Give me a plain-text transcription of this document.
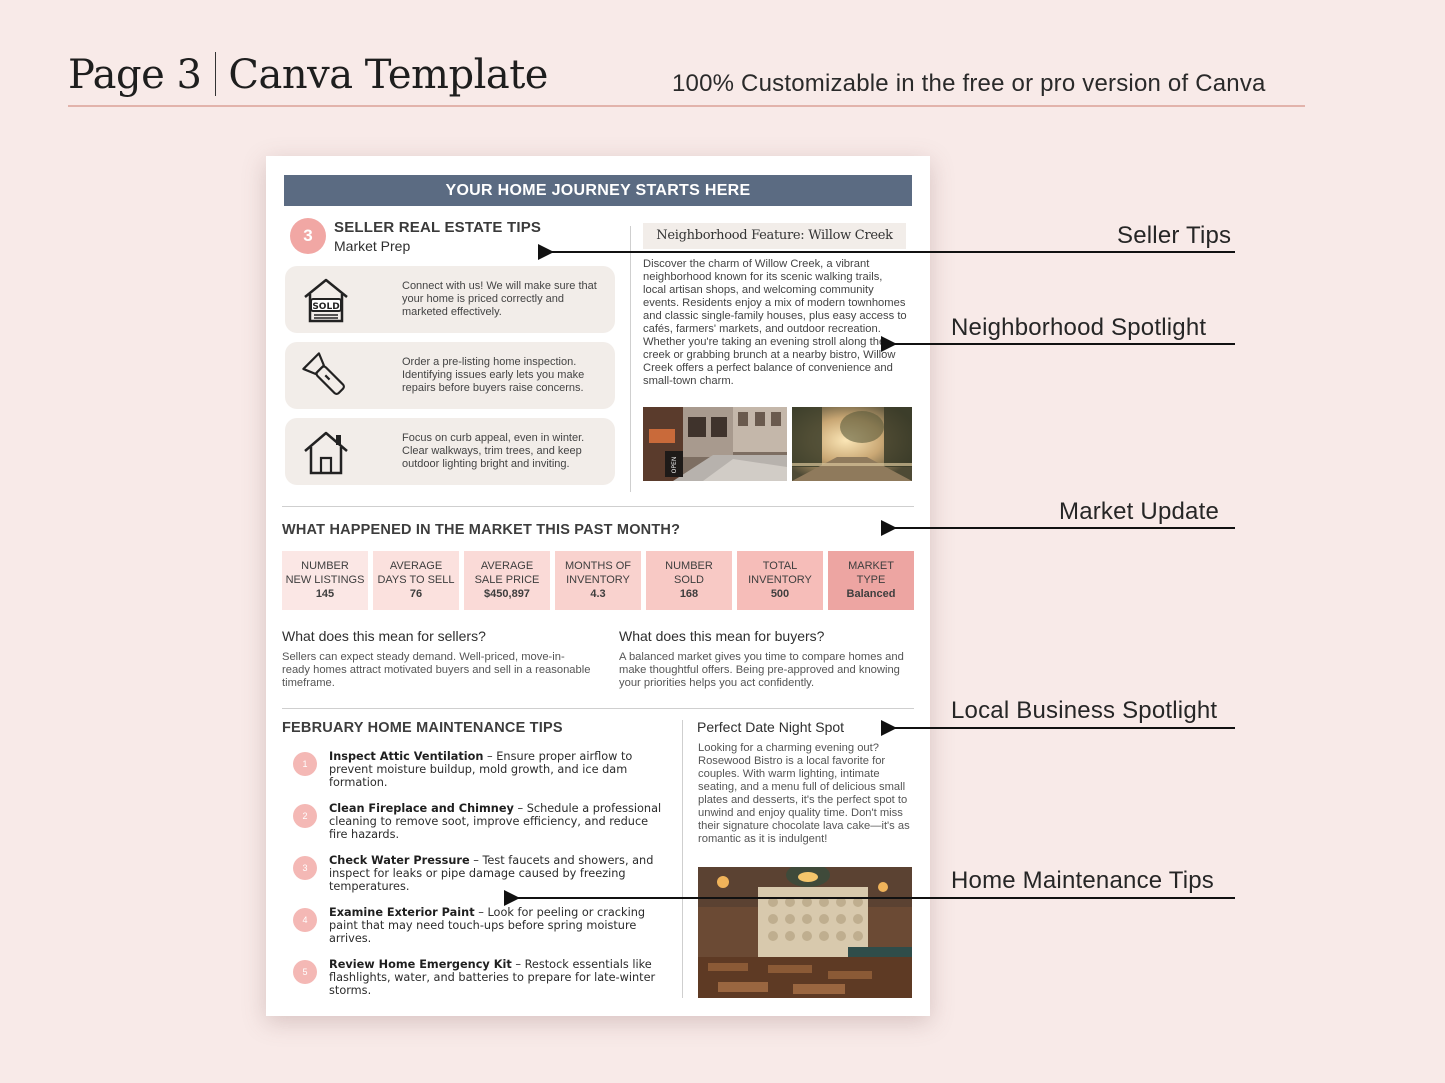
Page 3 Canva Template	100% Customizable in the free or pro version of Canva
YOUR HOME JOURNEY STARTS HERE
3	SELLER REAL ESTATE TIPS
Market Prep
SOLD
Connect with us! We will make sure that your home is priced correctly and marketed effectively.
Order a pre-listing home inspection. Identifying issues early lets you make repairs before buyers raise concerns.
Focus on curb appeal, even in winter. Clear walkways, trim trees, and keep outdoor lighting bright and inviting.
Neighborhood Feature: Willow Creek
Discover the charm of Willow Creek, a vibrant neighborhood known for its scenic walking trails, local artisan shops, and welcoming community events. Residents enjoy a mix of modern townhomes and classic single-family houses, plus easy access to cafés, farmers' markets, and outdoor recreation. Whether you're taking an evening stroll along the creek or grabbing brunch at a nearby bistro, Willow Creek offers a perfect balance of convenience and small-town charm.
OPEN
WHAT HAPPENED IN THE MARKET THIS PAST MONTH?
NUMBER
NEW LISTINGS
145
AVERAGE
DAYS TO SELL
76
AVERAGE
SALE PRICE
$450,897
MONTHS OF
INVENTORY
4.3
NUMBER
SOLD
168
TOTAL
INVENTORY
500
MARKET
TYPE
Balanced
What does this mean for sellers?
Sellers can expect steady demand. Well-priced, move-in-ready homes attract motivated buyers and sell in a reasonable timeframe.
What does this mean for buyers?
A balanced market gives you time to compare homes and make thoughtful offers. Being pre-approved and knowing your priorities helps you act confidently.
FEBRUARY HOME MAINTENANCE TIPS
1
Inspect Attic Ventilation – Ensure proper airflow to prevent moisture buildup, mold growth, and ice dam formation.
2
Clean Fireplace and Chimney – Schedule a professional cleaning to remove soot, improve efficiency, and reduce fire hazards.
3
Check Water Pressure – Test faucets and showers, and inspect for leaks or pipe damage caused by freezing temperatures.
4
Examine Exterior Paint – Look for peeling or cracking paint that may need touch-ups before spring moisture arrives.
5
Review Home Emergency Kit – Restock essentials like flashlights, water, and batteries to prepare for late-winter storms.
Perfect Date Night Spot
Looking for a charming evening out? Rosewood Bistro is a local favorite for couples. With warm lighting, intimate seating, and a menu full of delicious small plates and desserts, it's the perfect spot to unwind and enjoy quality time. Don't miss their signature chocolate lava cake—it's as romantic as it is indulgent!
Seller Tips
Neighborhood Spotlight
Market Update
Local Business Spotlight
Home Maintenance Tips
